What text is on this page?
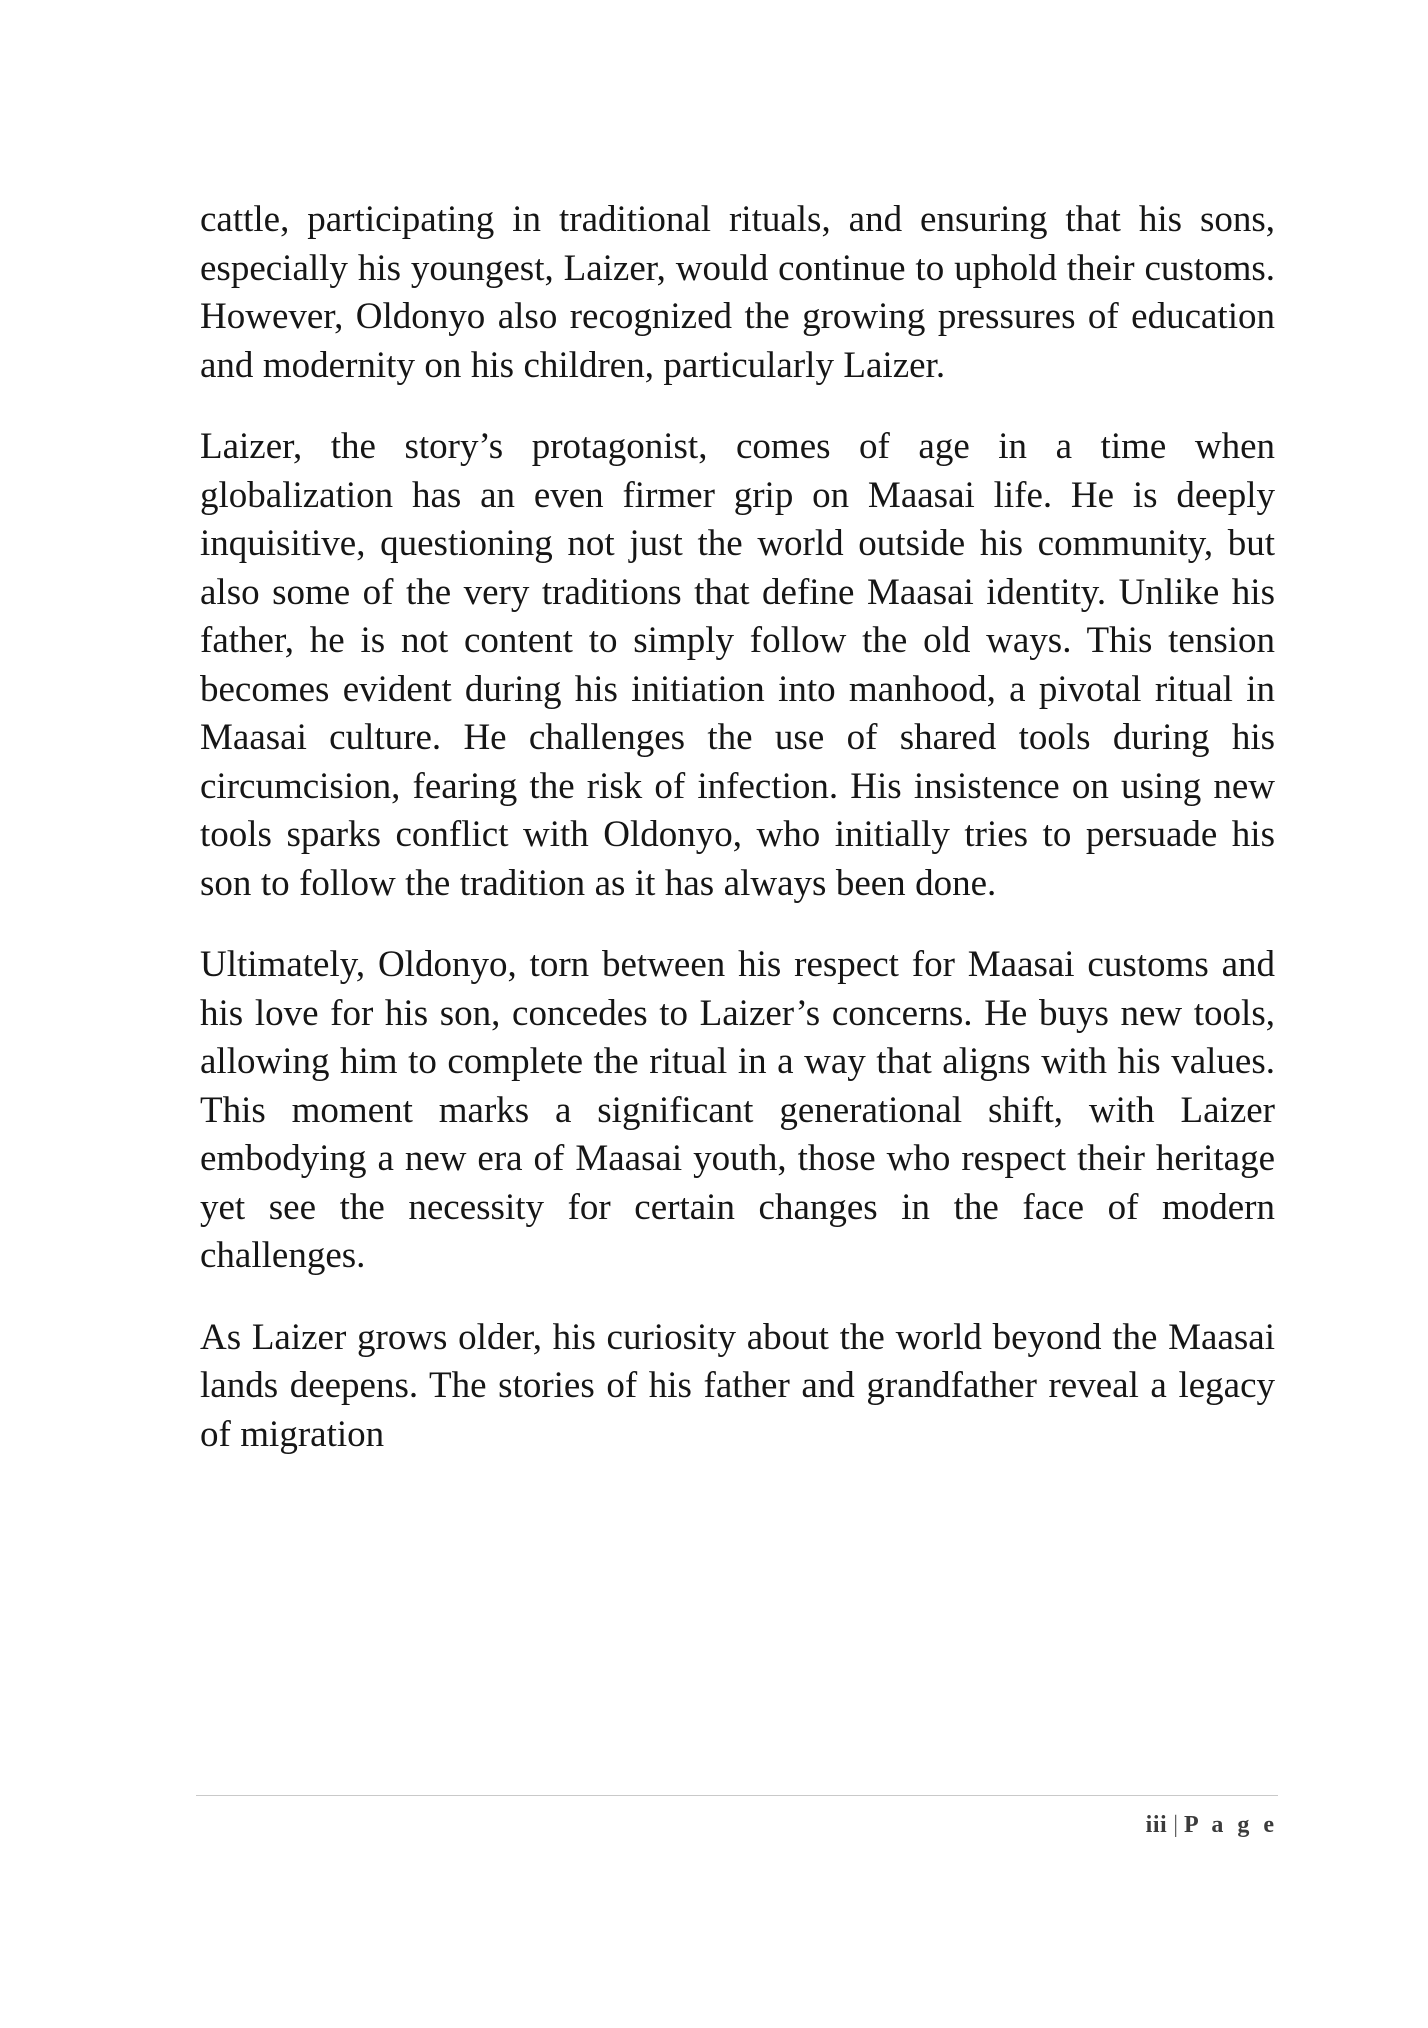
cattle, participating in traditional rituals, and ensuring that his sons, especially his youngest, Laizer, would continue to uphold their customs. However, Oldonyo also recognized the growing pressures of education and modernity on his children, particularly Laizer.

Laizer, the story’s protagonist, comes of age in a time when globalization has an even firmer grip on Maasai life. He is deeply inquisitive, questioning not just the world outside his community, but also some of the very traditions that define Maasai identity. Unlike his father, he is not content to simply follow the old ways. This tension becomes evident during his initiation into manhood, a pivotal ritual in Maasai culture. He challenges the use of shared tools during his circumcision, fearing the risk of infection. His insistence on using new tools sparks conflict with Oldonyo, who initially tries to persuade his son to follow the tradition as it has always been done.

Ultimately, Oldonyo, torn between his respect for Maasai customs and his love for his son, concedes to Laizer’s concerns. He buys new tools, allowing him to complete the ritual in a way that aligns with his values. This moment marks a significant generational shift, with Laizer embodying a new era of Maasai youth, those who respect their heritage yet see the necessity for certain changes in the face of modern challenges.

As Laizer grows older, his curiosity about the world beyond the Maasai lands deepens. The stories of his father and grandfather reveal a legacy of migration

iii | P a g e
